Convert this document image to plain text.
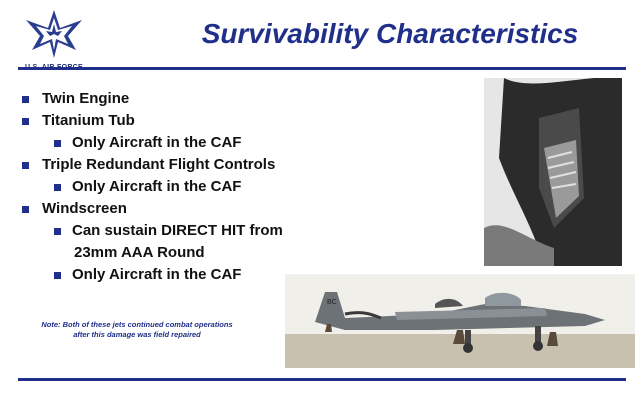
Survivability Characteristics
Twin Engine
Titanium Tub
Only Aircraft in the CAF
Triple Redundant Flight Controls
Only Aircraft in the CAF
Windscreen
Can sustain DIRECT HIT from
23mm AAA Round
Only Aircraft in the CAF
BC
Note: Both of these jets continued combat operations
after this damage was field repaired
